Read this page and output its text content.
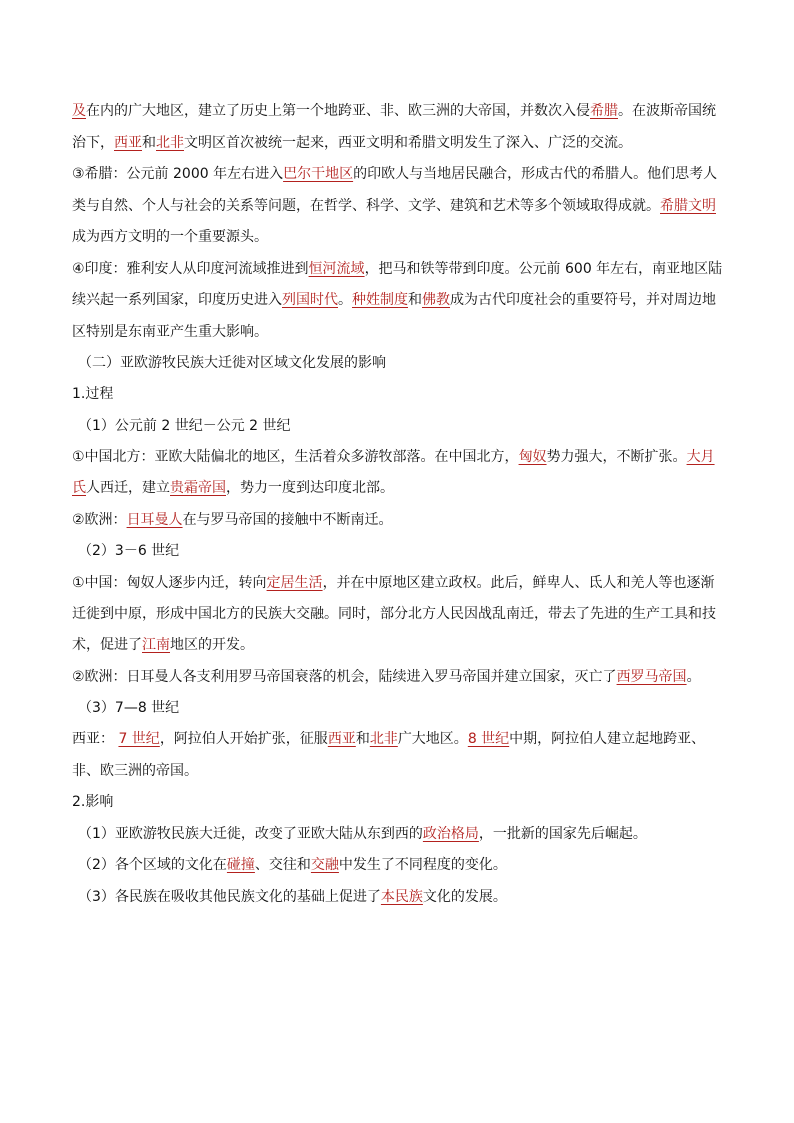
及在内的广大地区，建立了历史上第一个地跨亚、非、欧三洲的大帝国，并数次入侵希腊。在波斯帝国统
治下，西亚和北非文明区首次被统一起来，西亚文明和希腊文明发生了深入、广泛的交流。
③希腊：公元前 2000 年左右进入巴尔干地区的印欧人与当地居民融合，形成古代的希腊人。他们思考人
类与自然、个人与社会的关系等问题，在哲学、科学、文学、建筑和艺术等多个领域取得成就。希腊文明
成为西方文明的一个重要源头。
④印度：雅利安人从印度河流域推进到恒河流域，把马和铁等带到印度。公元前 600 年左右，南亚地区陆
续兴起一系列国家，印度历史进入列国时代。种姓制度和佛教成为古代印度社会的重要符号，并对周边地
区特别是东南亚产生重大影响。
（二）亚欧游牧民族大迁徙对区域文化发展的影响
1.过程
（1）公元前 2 世纪－公元 2 世纪
①中国北方：亚欧大陆偏北的地区，生活着众多游牧部落。在中国北方，匈奴势力强大，不断扩张。大月
氏人西迁，建立贵霜帝国，势力一度到达印度北部。
②欧洲：日耳曼人在与罗马帝国的接触中不断南迁。
（2）3－6 世纪
①中国：匈奴人逐步内迁，转向定居生活，并在中原地区建立政权。此后，鲜卑人、氐人和羌人等也逐渐
迁徙到中原，形成中国北方的民族大交融。同时，部分北方人民因战乱南迁，带去了先进的生产工具和技
术，促进了江南地区的开发。
②欧洲：日耳曼人各支利用罗马帝国衰落的机会，陆续进入罗马帝国并建立国家，灭亡了西罗马帝国。
（3）7—8 世纪
西亚： 7 世纪，阿拉伯人开始扩张，征服西亚和北非广大地区。8 世纪中期，阿拉伯人建立起地跨亚、
非、欧三洲的帝国。
2.影响
（1）亚欧游牧民族大迁徙，改变了亚欧大陆从东到西的政治格局，一批新的国家先后崛起。
（2）各个区域的文化在碰撞、交往和交融中发生了不同程度的变化。
（3）各民族在吸收其他民族文化的基础上促进了本民族文化的发展。
